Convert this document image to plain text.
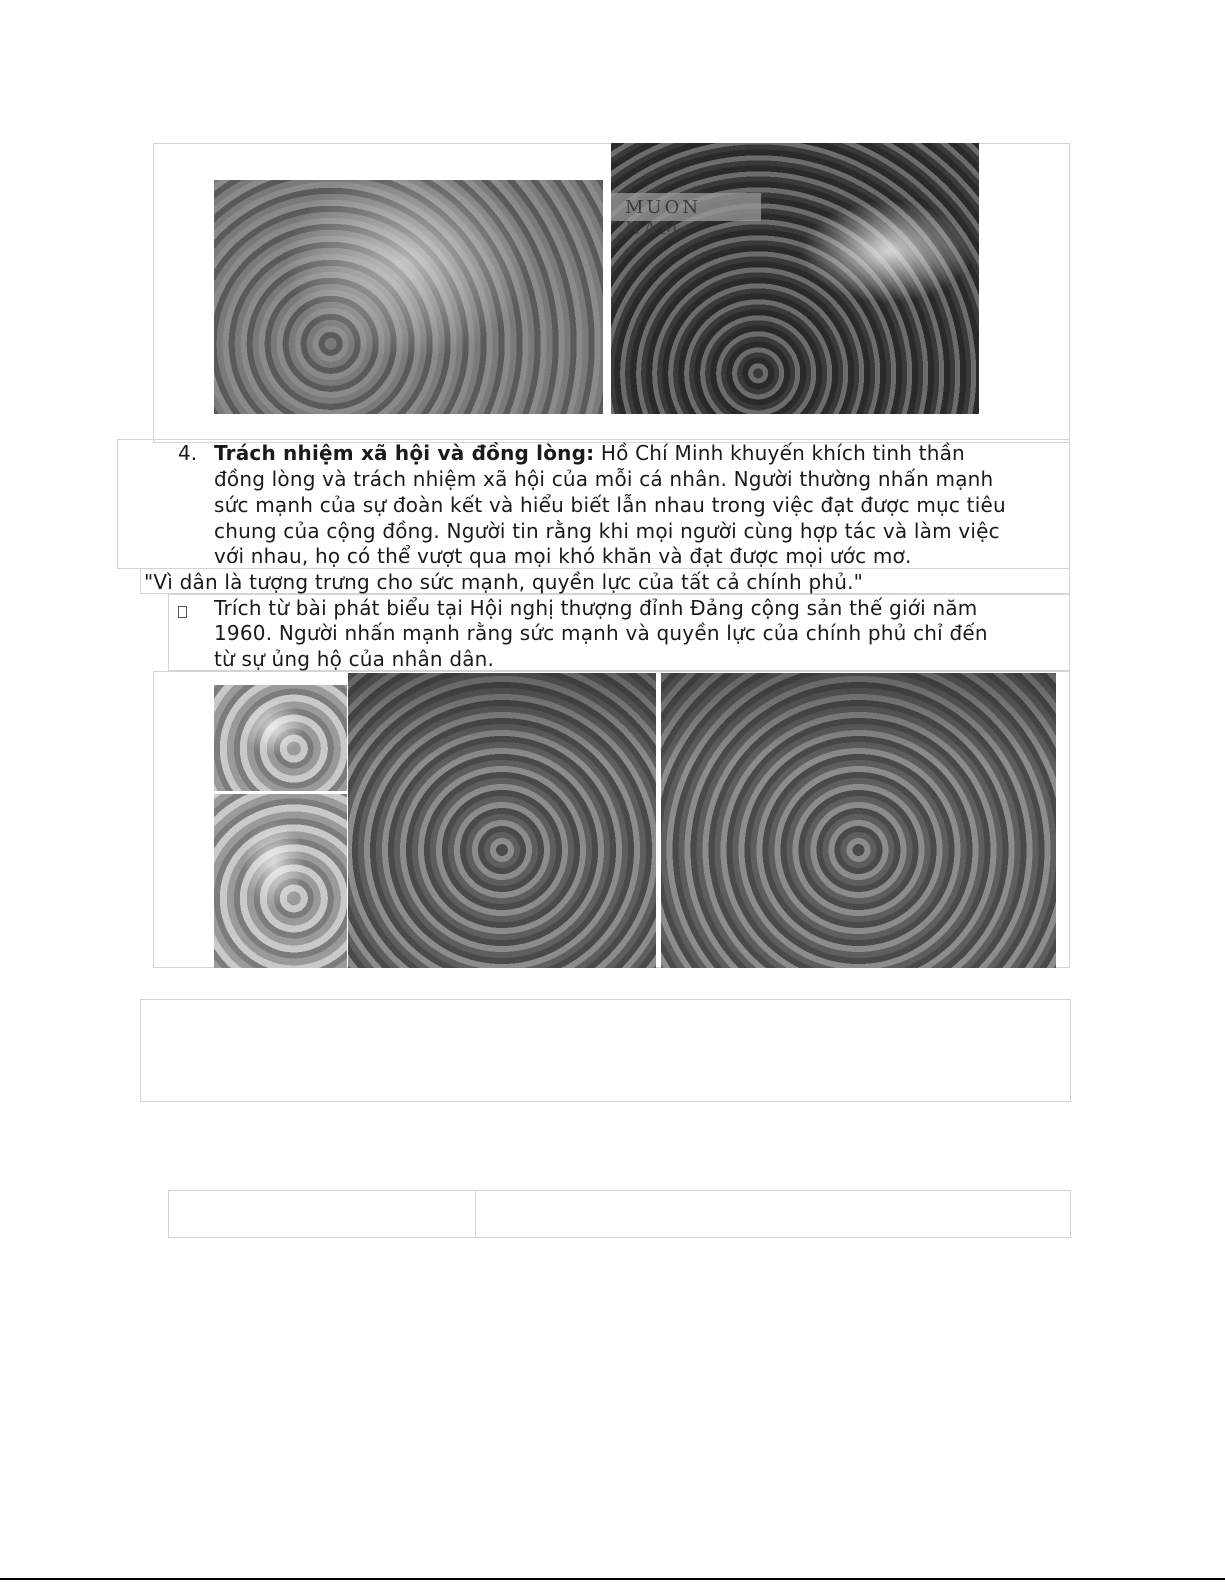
MUON NAM
4. Trách nhiệm xã hội và đồng lòng: Hồ Chí Minh khuyến khích tinh thần
đồng lòng và trách nhiệm xã hội của mỗi cá nhân. Người thường nhấn mạnh
sức mạnh của sự đoàn kết và hiểu biết lẫn nhau trong việc đạt được mục tiêu
chung của cộng đồng. Người tin rằng khi mọi người cùng hợp tác và làm việc
với nhau, họ có thể vượt qua mọi khó khăn và đạt được mọi ước mơ.
"Vì dân là tượng trưng cho sức mạnh, quyền lực của tất cả chính phủ."
Trích từ bài phát biểu tại Hội nghị thượng đỉnh Đảng cộng sản thế giới năm
1960. Người nhấn mạnh rằng sức mạnh và quyền lực của chính phủ chỉ đến
từ sự ủng hộ của nhân dân.
